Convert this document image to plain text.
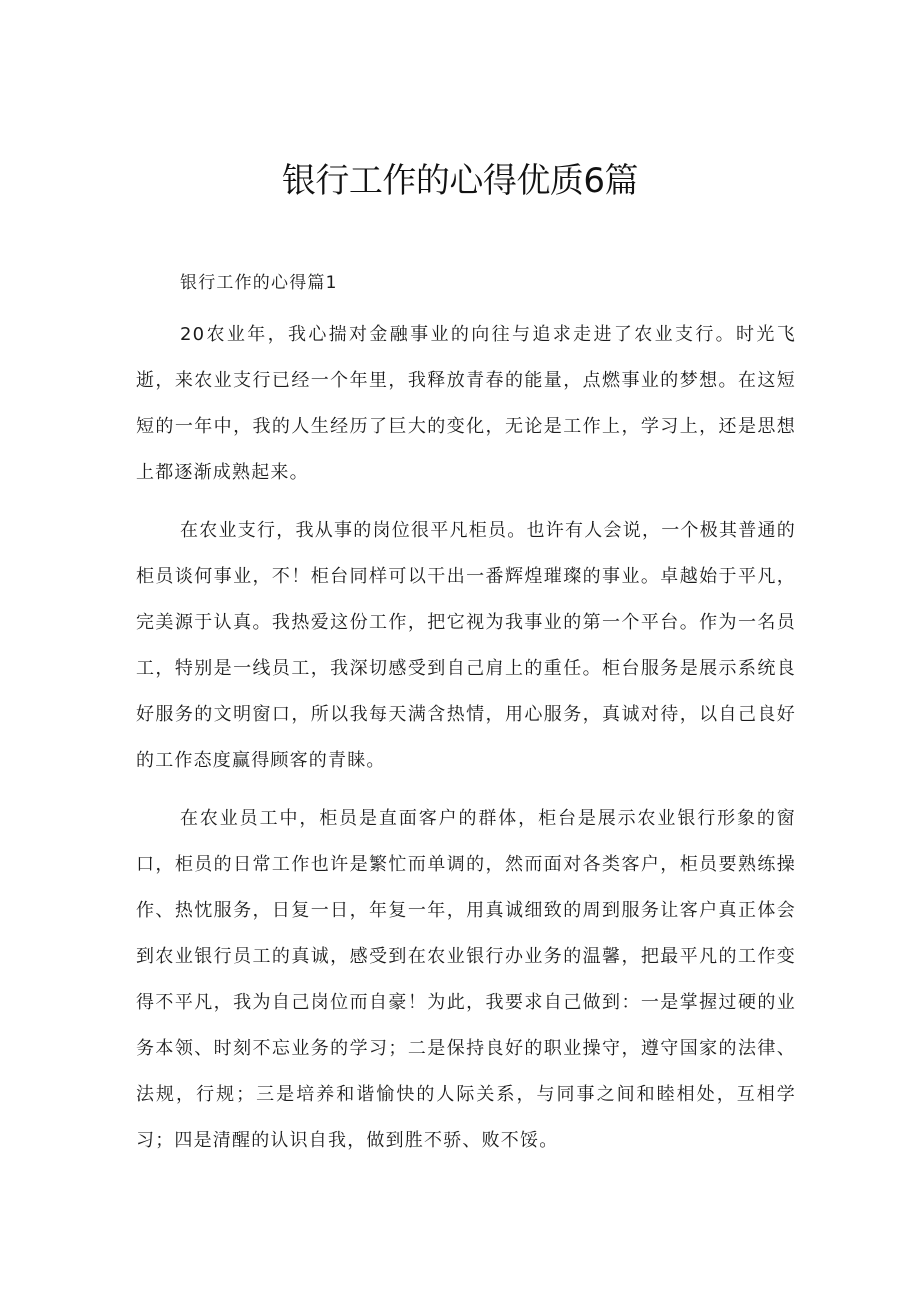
银行工作的心得优质6篇

银行工作的心得篇1

20农业年，我心揣对金融事业的向往与追求走进了农业支行。时光飞逝，来农业支行已经一个年里，我释放青春的能量，点燃事业的梦想。在这短短的一年中，我的人生经历了巨大的变化，无论是工作上，学习上，还是思想上都逐渐成熟起来。

在农业支行，我从事的岗位很平凡柜员。也许有人会说，一个极其普通的柜员谈何事业，不！柜台同样可以干出一番辉煌璀璨的事业。卓越始于平凡，完美源于认真。我热爱这份工作，把它视为我事业的第一个平台。作为一名员工，特别是一线员工，我深切感受到自己肩上的重任。柜台服务是展示系统良好服务的文明窗口，所以我每天满含热情，用心服务，真诚对待，以自己良好的工作态度赢得顾客的青睐。

在农业员工中，柜员是直面客户的群体，柜台是展示农业银行形象的窗口，柜员的日常工作也许是繁忙而单调的，然而面对各类客户，柜员要熟练操作、热忱服务，日复一日，年复一年，用真诚细致的周到服务让客户真正体会到农业银行员工的真诚，感受到在农业银行办业务的温馨，把最平凡的工作变得不平凡，我为自己岗位而自豪！为此，我要求自己做到：一是掌握过硬的业务本领、时刻不忘业务的学习；二是保持良好的职业操守，遵守国家的法律、法规，行规；三是培养和谐愉快的人际关系，与同事之间和睦相处，互相学习；四是清醒的认识自我，做到胜不骄、败不馁。
